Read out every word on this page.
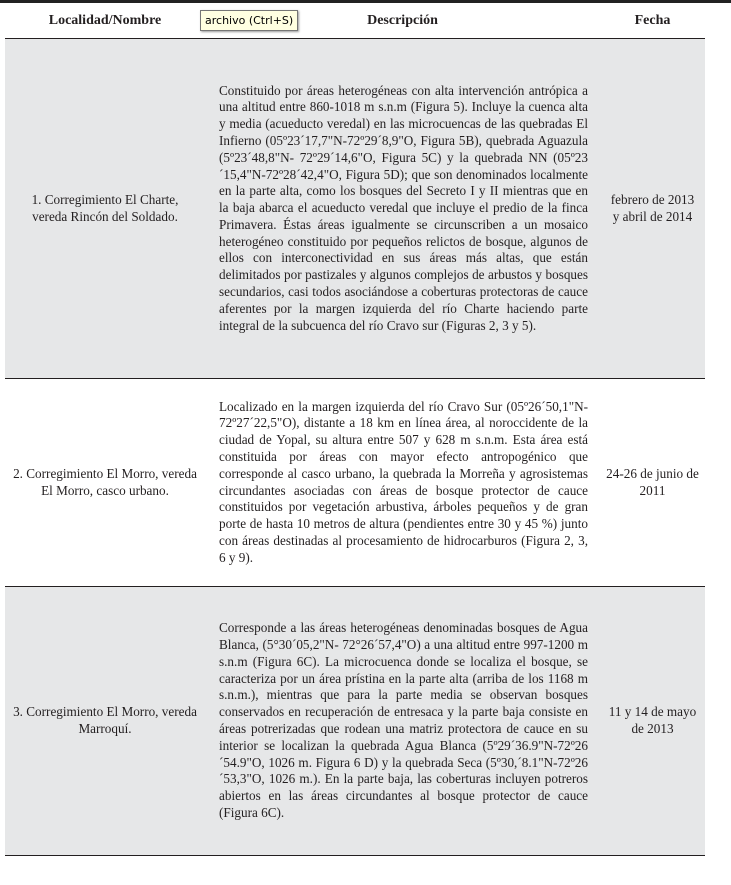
Localidad/Nombre	Descripción	Fecha
1. Corregimiento El Charte, vereda Rincón del Soldado.	Constituido por áreas heterogéneas con alta intervención antrópica a una altitud entre 860-1018 m s.n.m (Figura 5). Incluye la cuenca alta y media (acueducto veredal) en las microcuencas de las quebradas El Infierno (05º23´17,7"N-72º29´8,9"O, Figura 5B), quebrada Aguazula (5º23´48,8"N- 72º29´14,6"O, Figura 5C) y la quebrada NN (05º23´15,4"N-72º28´42,4"O, Figura 5D); que son denominados localmente en la parte alta, como los bosques del Secreto I y II mientras que en la baja abarca el acueducto veredal que incluye el predio de la finca Primavera. Éstas áreas igualmente se circunscriben a un mosaico heterogéneo constituido por pequeños relictos de bosque, algunos de ellos con interconectividad en sus áreas más altas, que están delimitados por pastizales y algunos complejos de arbustos y bosques secundarios, casi todos asociándose a coberturas protectoras de cauce aferentes por la margen izquierda del río Charte haciendo parte integral de la subcuenca del río Cravo sur (Figuras 2, 3 y 5).	febrero de 2013 y abril de 2014
2. Corregimiento El Morro, vereda El Morro, casco urbano.	Localizado en la margen izquierda del río Cravo Sur (05º26´50,1"N-72º27´22,5"O), distante a 18 km en línea área, al noroccidente de la ciudad de Yopal, su altura entre 507 y 628 m s.n.m. Esta área está constituida por áreas con mayor efecto antropogénico que corresponde al casco urbano, la quebrada la Morreña y agrosistemas circundantes asociadas con áreas de bosque protector de cauce constituidos por vegetación arbustiva, árboles pequeños y de gran porte de hasta 10 metros de altura (pendientes entre 30 y 45 %) junto con áreas destinadas al procesamiento de hidrocarburos (Figura 2, 3, 6 y 9).	24-26 de junio de 2011
3. Corregimiento El Morro, vereda Marroquí.	Corresponde a las áreas heterogéneas denominadas bosques de Agua Blanca, (5°30´05,2"N- 72°26´57,4"O) a una altitud entre 997-1200 m s.n.m (Figura 6C). La microcuenca donde se localiza el bosque, se caracteriza por un área prístina en la parte alta (arriba de los 1168 m s.n.m.), mientras que para la parte media se observan bosques conservados en recuperación de entresaca y la parte baja consiste en áreas potrerizadas que rodean una matriz protectora de cauce en su interior se localizan la quebrada Agua Blanca (5º29´36.9"N-72º26´54.9"O, 1026 m. Figura 6 D) y la quebrada Seca (5º30,´8.1"N-72º26´53,3"O, 1026 m.). En la parte baja, las coberturas incluyen potreros abiertos en las áreas circundantes al bosque protector de cauce (Figura 6C).	11 y 14 de mayo de 2013
archivo (Ctrl+S)
